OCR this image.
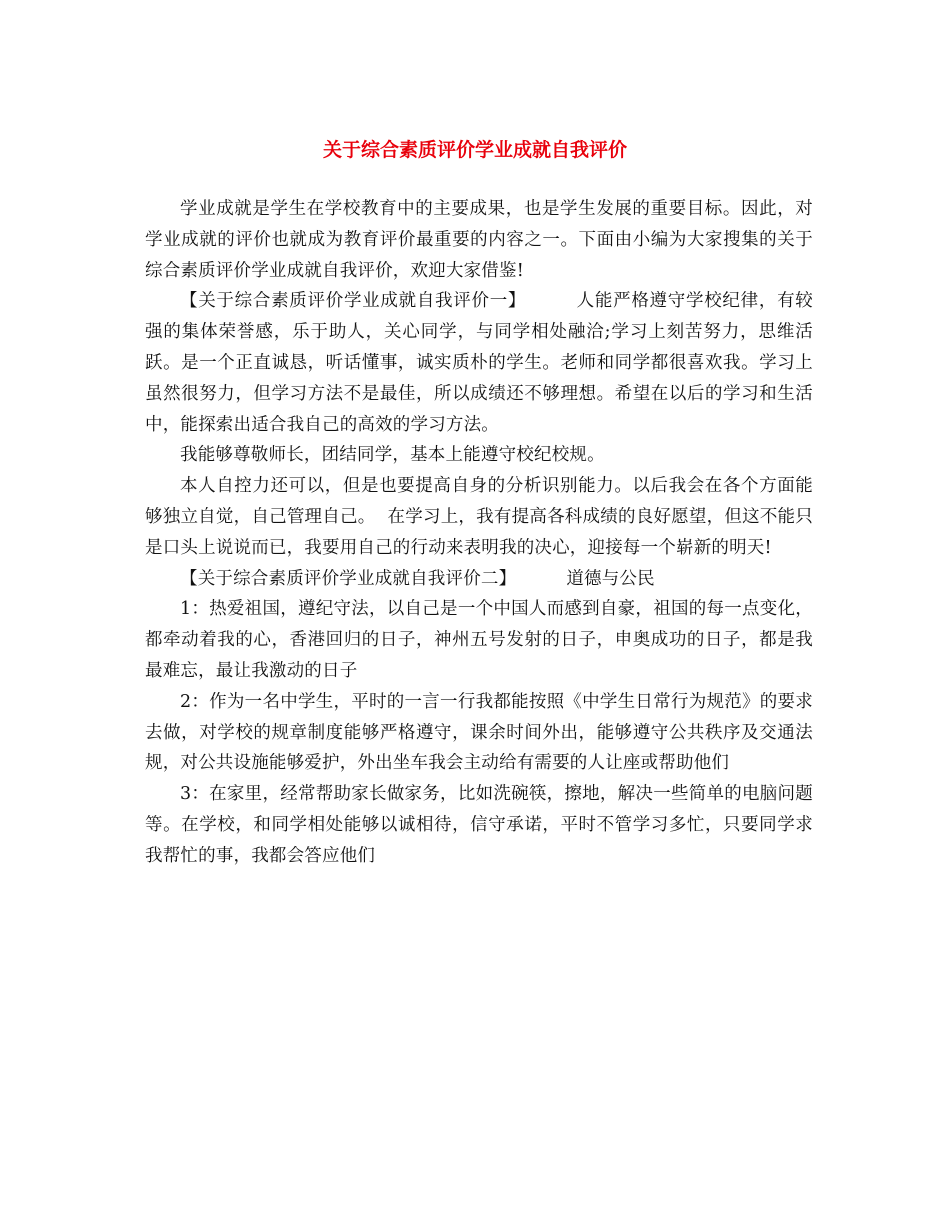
关于综合素质评价学业成就自我评价

学业成就是学生在学校教育中的主要成果，也是学生发展的重要目标。因此，对学业成就的评价也就成为教育评价最重要的内容之一。下面由小编为大家搜集的关于综合素质评价学业成就自我评价，欢迎大家借鉴!

【关于综合素质评价学业成就自我评价一】	人能严格遵守学校纪律，有较强的集体荣誉感，乐于助人，关心同学，与同学相处融洽;学习上刻苦努力，思维活跃。是一个正直诚恳，听话懂事，诚实质朴的学生。老师和同学都很喜欢我。学习上虽然很努力，但学习方法不是最佳，所以成绩还不够理想。希望在以后的学习和生活中，能探索出适合我自己的高效的学习方法。

我能够尊敬师长，团结同学，基本上能遵守校纪校规。

本人自控力还可以，但是也要提高自身的分析识别能力。以后我会在各个方面能够独立自觉，自己管理自己。 在学习上，我有提高各科成绩的良好愿望，但这不能只是口头上说说而已，我要用自己的行动来表明我的决心，迎接每一个崭新的明天!

【关于综合素质评价学业成就自我评价二】	道德与公民

1：热爱祖国，遵纪守法，以自己是一个中国人而感到自豪，祖国的每一点变化，都牵动着我的心，香港回归的日子，神州五号发射的日子，申奥成功的日子，都是我最难忘，最让我激动的日子

2：作为一名中学生，平时的一言一行我都能按照《中学生日常行为规范》的要求去做，对学校的规章制度能够严格遵守，课余时间外出，能够遵守公共秩序及交通法规，对公共设施能够爱护，外出坐车我会主动给有需要的人让座或帮助他们

3：在家里，经常帮助家长做家务，比如洗碗筷，擦地，解决一些简单的电脑问题等。在学校，和同学相处能够以诚相待，信守承诺，平时不管学习多忙，只要同学求我帮忙的事，我都会答应他们
